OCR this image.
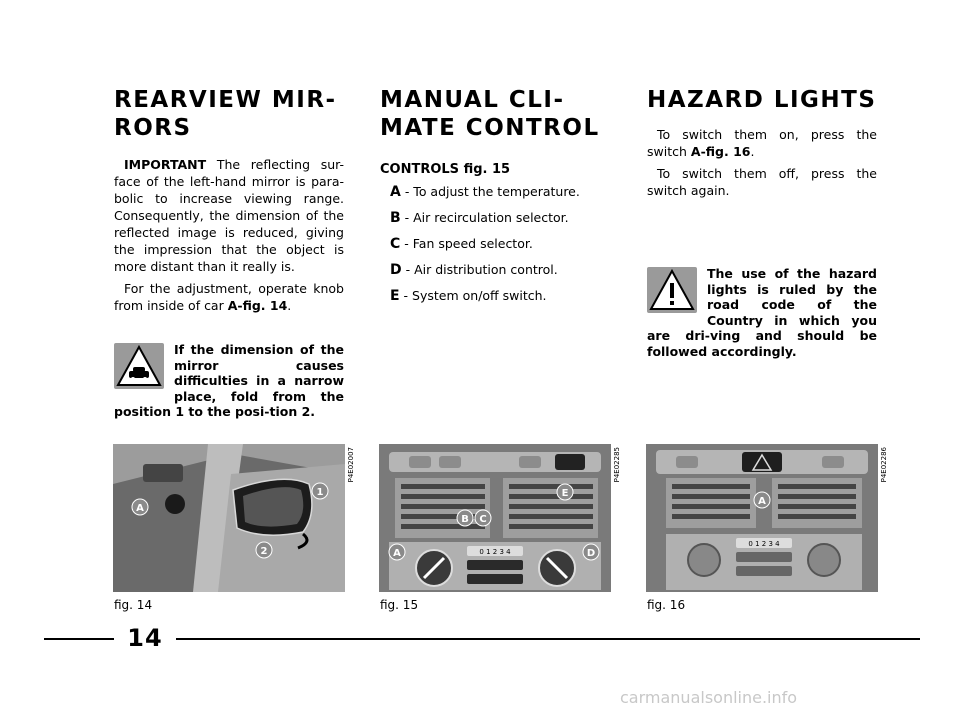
REARVIEW MIR-
RORS

IMPORTANT The reflecting sur-face of the left-hand mirror is para-bolic to increase viewing range. Consequently, the dimension of the reflected image is reduced, giving the impression that the object is more distant than it really is.

For the adjustment, operate knob from inside of car A-fig. 14.

If the dimension of the mirror causes difficulties in a narrow place, fold from the position 1 to the posi-tion 2.
MANUAL CLI-
MATE CONTROL
CONTROLS fig. 15
A - To adjust the temperature.
B - Air recirculation selector.
C - Fan speed selector.
D - Air distribution control.
E - System on/off switch.
HAZARD LIGHTS

To switch them on, press the switch A-fig. 16.

To switch them off, press the switch again.

The use of the hazard lights is ruled by the road code of the Country in which you are dri-ving and should be followed accordingly.
A
1
2
P4E02007
fig. 14
0 1 2 3 4
A
B C
D
E
P4E02285
fig. 15
0 1 2 3 4
A
P4E02286
fig. 16
14
carmanualsonline.info
